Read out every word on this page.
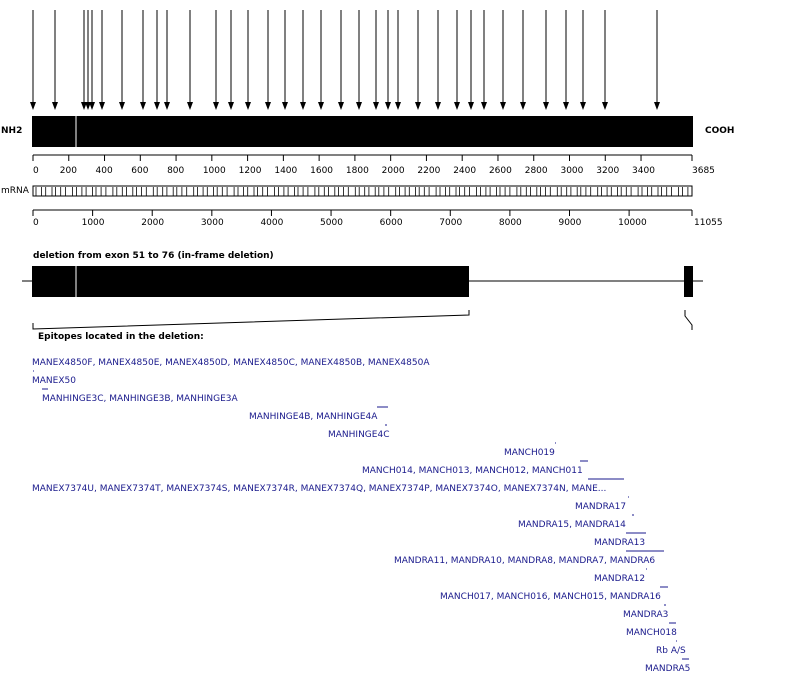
NH2	COOH
3685
0 200 400 600 800 1000 1200 1400 1600 1800 2000 2200 2400 2600 2800 3000 3200 3400
mRNA
11055
0	1000	2000	3000	4000	5000	6000	7000	8000	9000	10000
deletion from exon 51 to 76 (in-frame deletion)
Epitopes located in the deletion:
MANEX4850F, MANEX4850E, MANEX4850D, MANEX4850C, MANEX4850B, MANEX4850A
MANEX50
MANHINGE3C, MANHINGE3B, MANHINGE3A
MANHINGE4B, MANHINGE4A
MANHINGE4C
MANCH019
MANCH014, MANCH013, MANCH012, MANCH011
MANEX7374U, MANEX7374T, MANEX7374S, MANEX7374R, MANEX7374Q, MANEX7374P, MANEX7374O, MANEX7374N, MANE...
MANDRA17
MANDRA15, MANDRA14
MANDRA13
MANDRA11, MANDRA10, MANDRA8, MANDRA7, MANDRA6
MANDRA12
MANCH017, MANCH016, MANCH015, MANDRA16
MANDRA3
MANCH018
Rb A/S
MANDRA5
